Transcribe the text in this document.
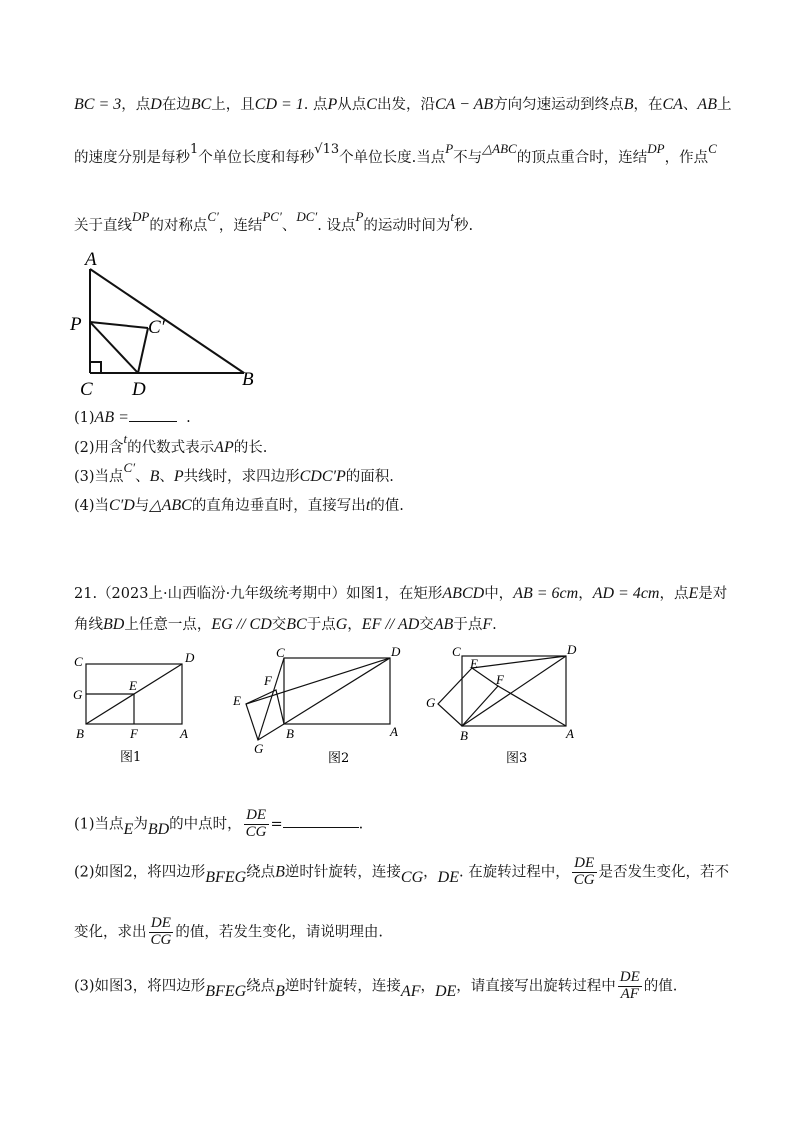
BC = 3，点D在边BC上，且CD = 1. 点P从点C出发，沿CA − AB方向匀速运动到终点B，在CA、AB上
的速度分别是每秒1个单位长度和每秒√13个单位长度.当点P不与△ABC的顶点重合时，连结DP，作点C
关于直线DP的对称点C′，连结PC′、DC′. 设点P的运动时间为t秒.
A
B
C D
P	C′
(1)AB =	.
(2)用含t的代数式表示AP的长.
(3)当点C′、B、P共线时，求四边形CDC′P的面积.
(4)当C′D与△ABC的直角边垂直时，直接写出t的值.
21.（2023上·山西临汾·九年级统考期中）如图1，在矩形ABCD中，AB = 6cm，AD = 4cm，点E是对
角线BD上任意一点，EG // CD交BC于点G，EF // AD交AB于点F.
C	D
G
E
B	F	A
图1
C	D
F
E
G
B	A
图2
C
E
D
F
G
B	A
图3
(1)当点E为BD的中点时， $\frac{DE}{CG}$ =	.
(2)如图2，将四边形BFEG绕点B逆时针旋转，连接CG，DE. 在旋转过程中， $\frac{DE}{CG}$ 是否发生变化，若不
变化，求出 $\frac{DE}{CG}$ 的值，若发生变化，请说明理由.
(3)如图3，将四边形BFEG绕点B逆时针旋转，连接AF，DE，请直接写出旋转过程中 $\frac{DE}{AF}$ 的值.
